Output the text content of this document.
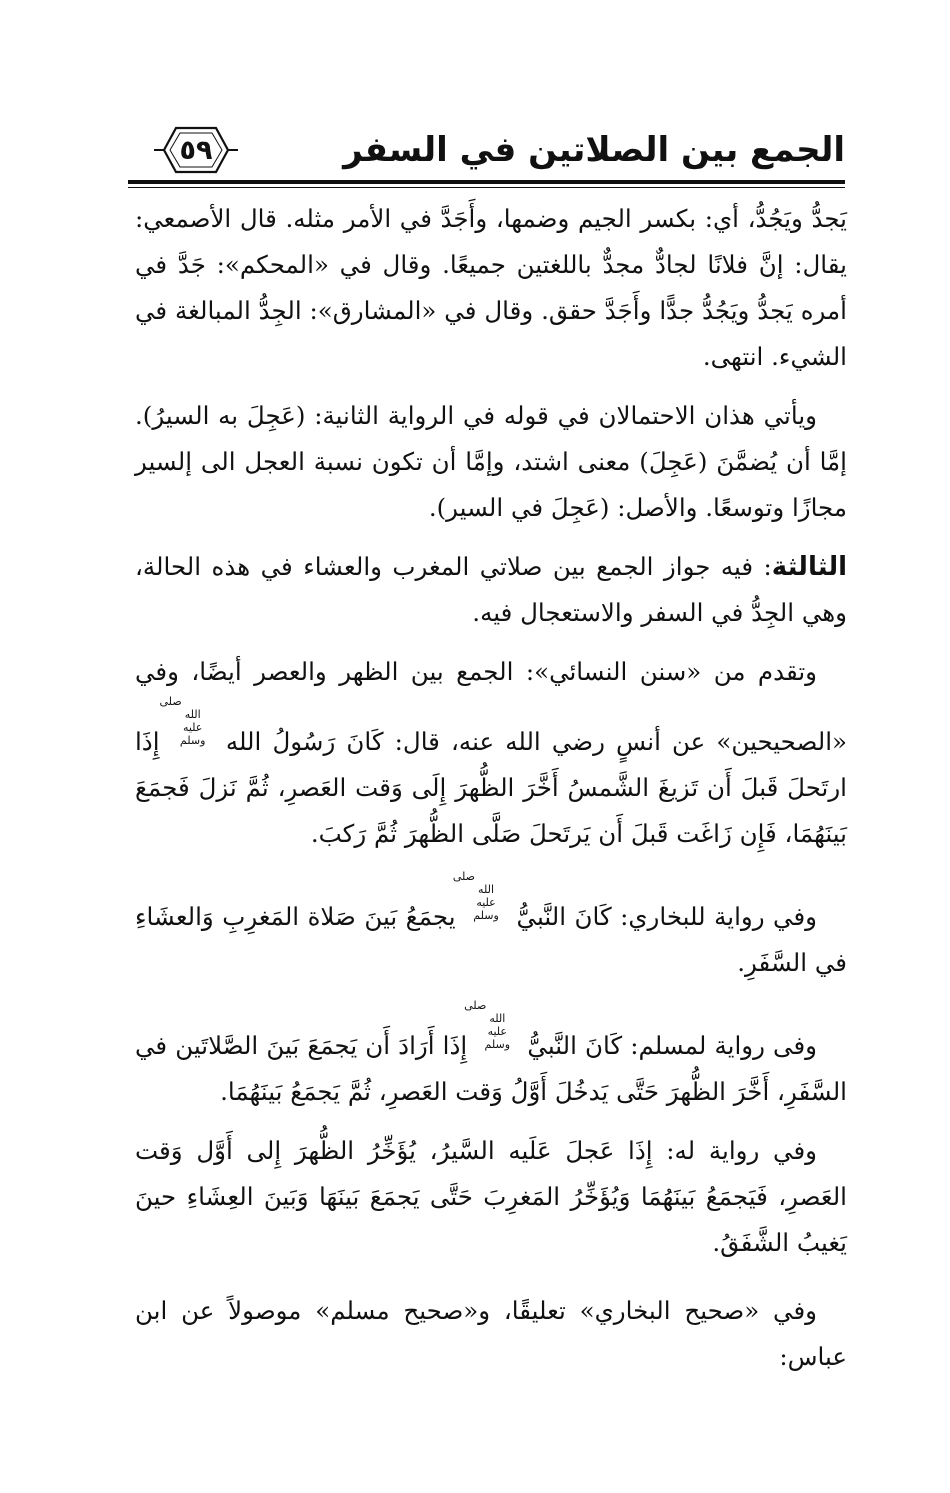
الجمع بين الصلاتين في السفر
٥٩

يَجدُّ ويَجُدُّ، أي: بكسر الجيم وضمها، وأَجَدَّ في الأمر مثله. قال الأصمعي: يقال: إنَّ فلانًا لجادٌّ مجدٌّ باللغتين جميعًا. وقال في «المحكم»: جَدَّ في أمره يَجدُّ ويَجُدُّ جدًّا وأَجَدَّ حقق. وقال في «المشارق»: الجِدُّ المبالغة في الشيء. انتهى.

ويأتي هذان الاحتمالان في قوله في الرواية الثانية: (عَجِلَ به السيرُ). إمَّا أن يُضمَّنَ (عَجِلَ) معنى اشتد، وإمَّا أن تكون نسبة العجل الى إلسير مجازًا وتوسعًا. والأصل: (عَجِلَ في السير).

الثالثة: فيه جواز الجمع بين صلاتي المغرب والعشاء في هذه الحالة، وهي الجِدُّ في السفر والاستعجال فيه.

وتقدم من «سنن النسائي»: الجمع بين الظهر والعصر أيضًا، وفي «الصحيحين» عن أنسٍ رضي الله عنه، قال: كَانَ رَسُولُ الله صلى الله عليه وسلم إِذَا ارتَحلَ قَبلَ أَن تَزيغَ الشَّمسُ أَخَّرَ الظُّهرَ إِلَى وَقت العَصرِ، ثُمَّ نَزلَ فَجمَعَ بَينَهُمَا، فَإِن زَاغَت قَبلَ أَن يَرتَحلَ صَلَّى الظُّهرَ ثُمَّ رَكبَ.

وفي رواية للبخاري: كَانَ النَّبيُّ صلى الله عليه وسلم يجمَعُ بَينَ صَلاة المَغرِبِ وَالعشَاءِ في السَّفَرِ.

وفى رواية لمسلم: كَانَ النَّبيُّ صلى الله عليه وسلم إِذَا أَرَادَ أَن يَجمَعَ بَينَ الصَّلاتَين في السَّفَرِ، أَخَّرَ الظُّهرَ حَتَّى يَدخُلَ أَوَّلُ وَقت العَصرِ، ثُمَّ يَجمَعُ بَينَهُمَا.

وفي رواية له: إِذَا عَجلَ عَلَيه السَّيرُ، يُؤَخِّرُ الظُّهرَ إِلى أَوَّل وَقت العَصرِ، فَيَجمَعُ بَينَهُمَا وَيُؤَخِّرُ المَغرِبَ حَتَّى يَجمَعَ بَينَهَا وَبَينَ العِشَاءِ حينَ يَغيبُ الشَّفَقُ.

وفي «صحيح البخاري» تعليقًا، و«صحيح مسلم» موصولاً عن ابن عباس:
